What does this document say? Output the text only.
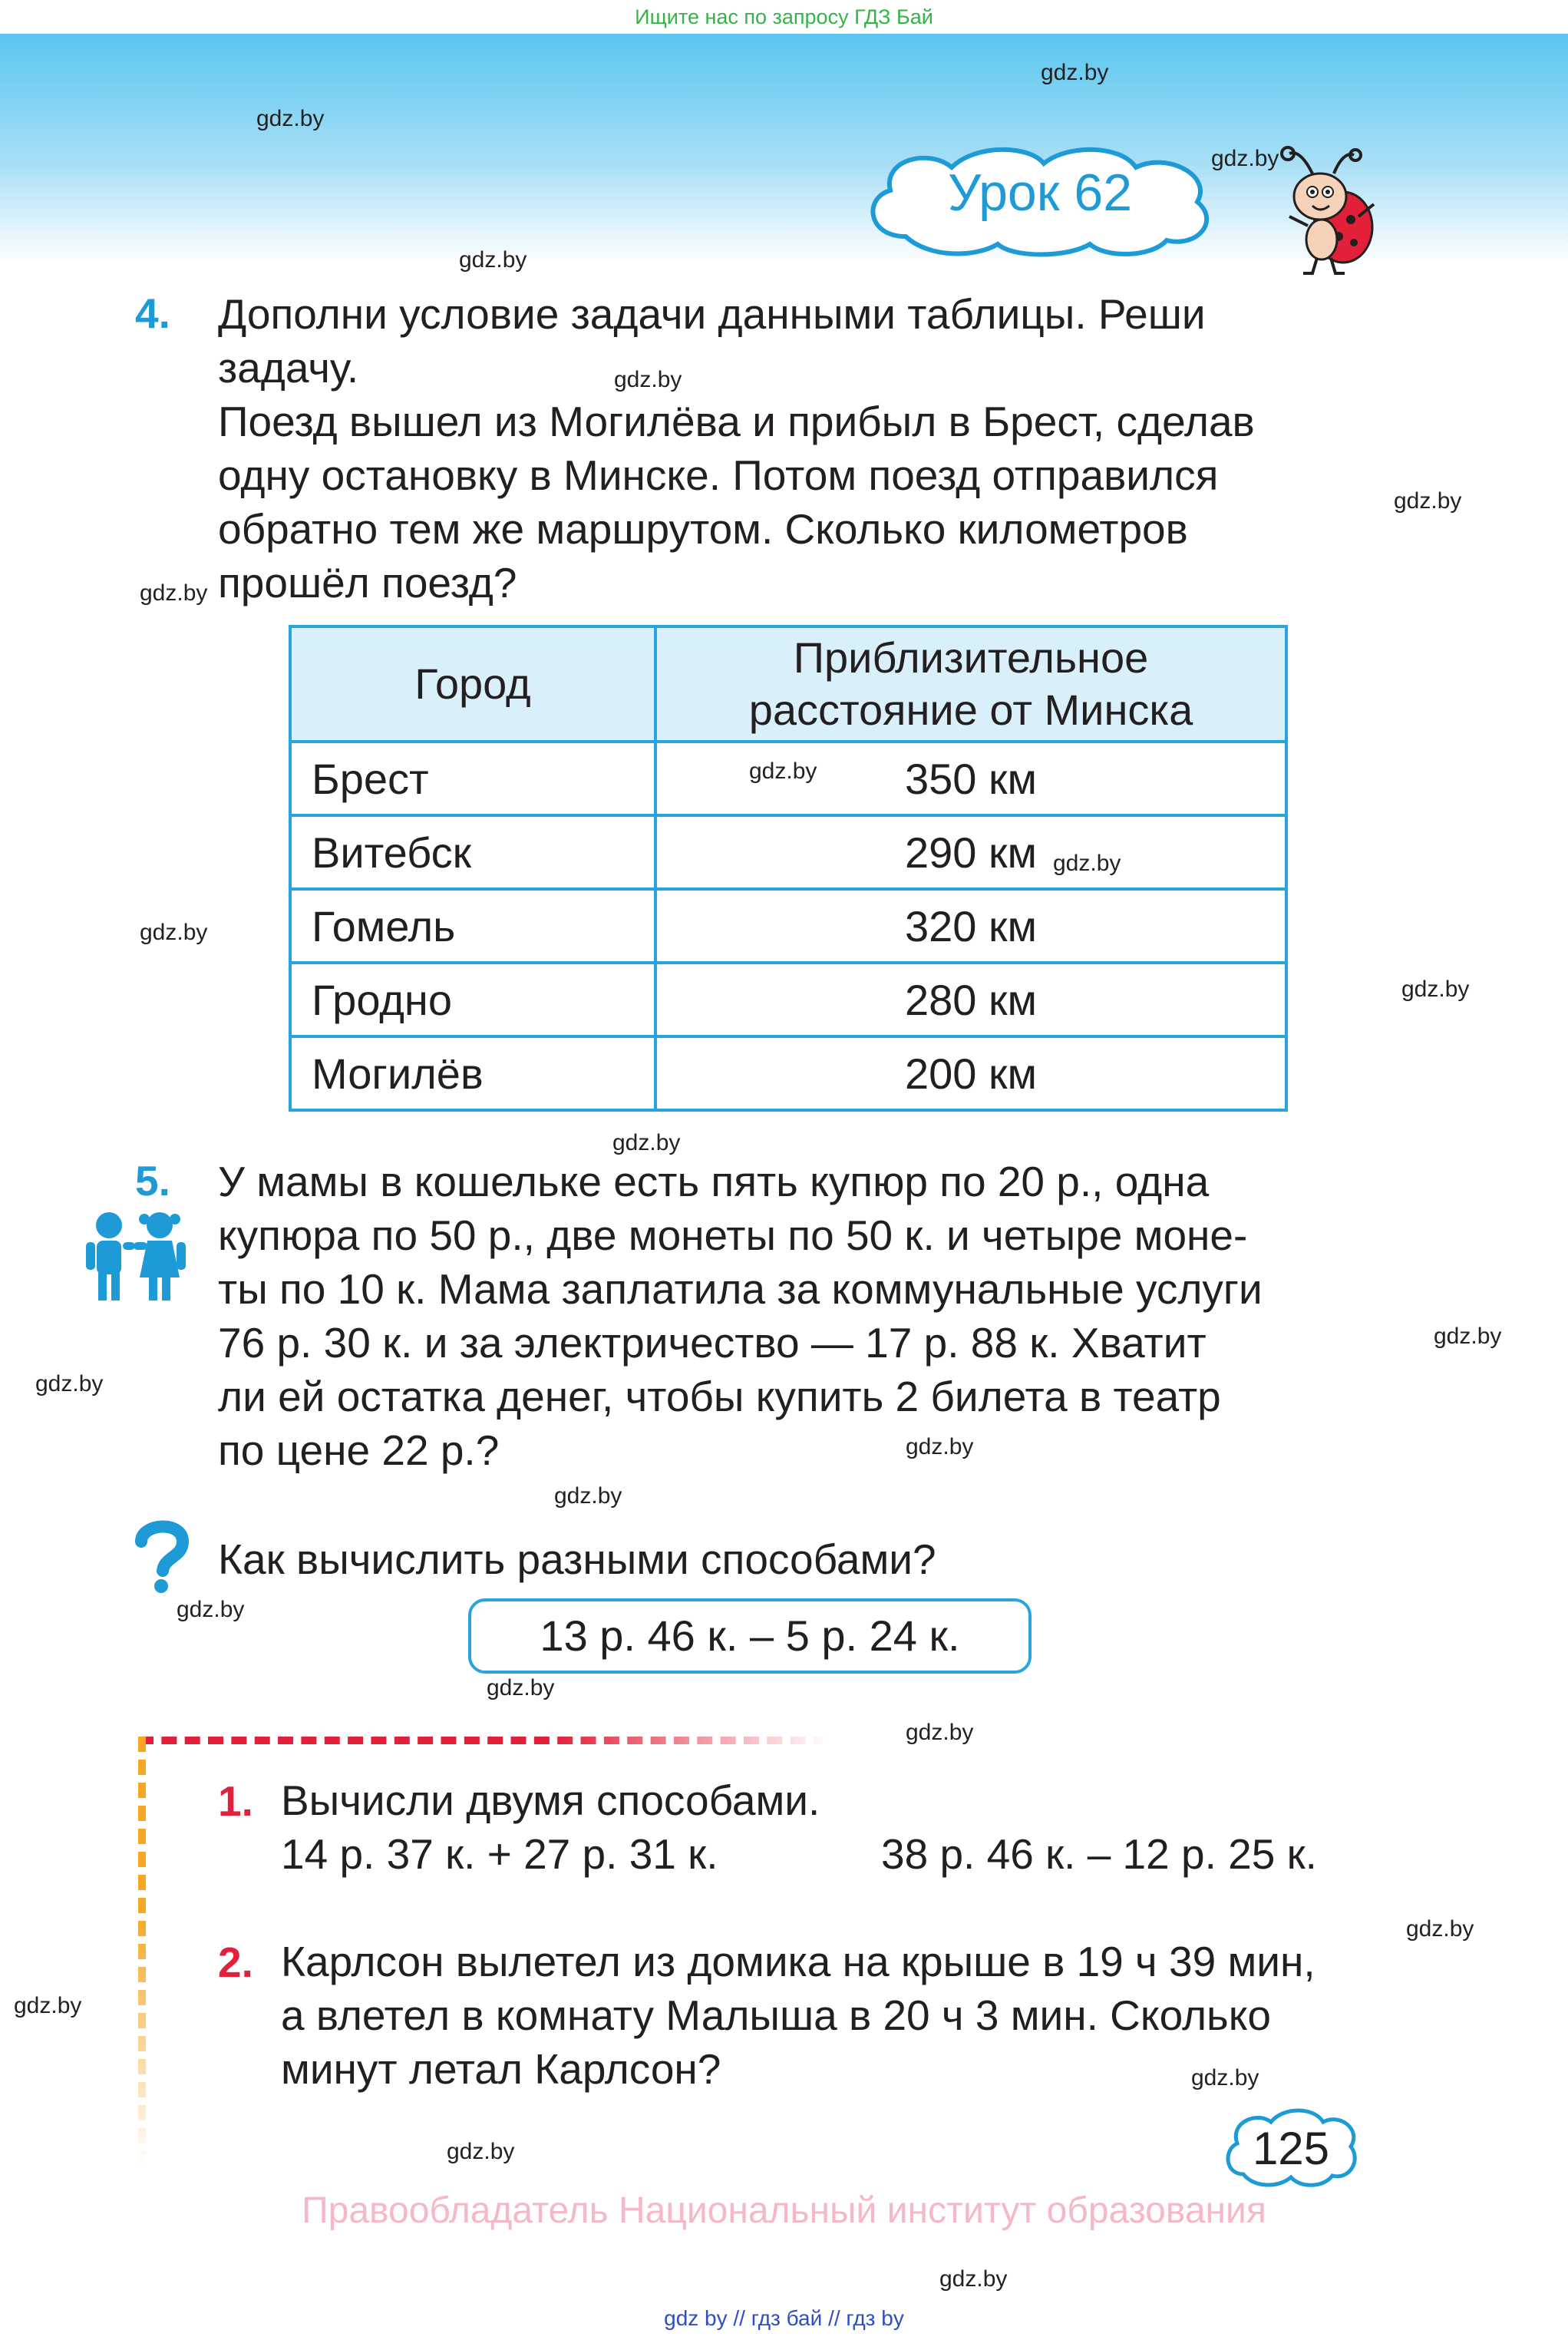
Ищите нас по запросу ГДЗ Бай
gdz.by
gdz.by
gdz.by
gdz.by
gdz.by
gdz.by
gdz.by
gdz.by
gdz.by
gdz.by
gdz.by
gdz.by
gdz.by
gdz.by
gdz.by
gdz.by
gdz.by
gdz.by
gdz.by
gdz.by
gdz.by
gdz.by
gdz.by
gdz.by
Урок 62
4. Дополни условие задачи данными таблицы. Реши
задачу.
Поезд вышел из Могилёва и прибыл в Брест, сделав
одну остановку в Минске. Потом поезд отправился
обратно тем же маршрутом. Сколько километров
прошёл поезд?
Город	Приблизительное
расстояние от Минска
Брест	350 км
Витебск	290 км
Гомель	320 км
Гродно	280 км
Могилёв	200 км
5. У мамы в кошельке есть пять купюр по 20 р., одна
купюра по 50 р., две монеты по 50 к. и четыре моне-
ты по 10 к. Мама заплатила за коммунальные услуги
76 р. 30 к. и за электричество — 17 р. 88 к. Хватит
ли ей остатка денег, чтобы купить 2 билета в театр
по цене 22 р.?
Как вычислить разными способами?
13 р. 46 к. – 5 р. 24 к.
1. Вычисли двумя способами.
14 р. 37 к. + 27 р. 31 к.	38 р. 46 к. – 12 р. 25 к.
2. Карлсон вылетел из домика на крыше в 19 ч 39 мин,
а влетел в комнату Малыша в 20 ч 3 мин. Сколько
минут летал Карлсон?
125
Правообладатель Национальный институт образования
gdz by // гдз бай // гдз by
